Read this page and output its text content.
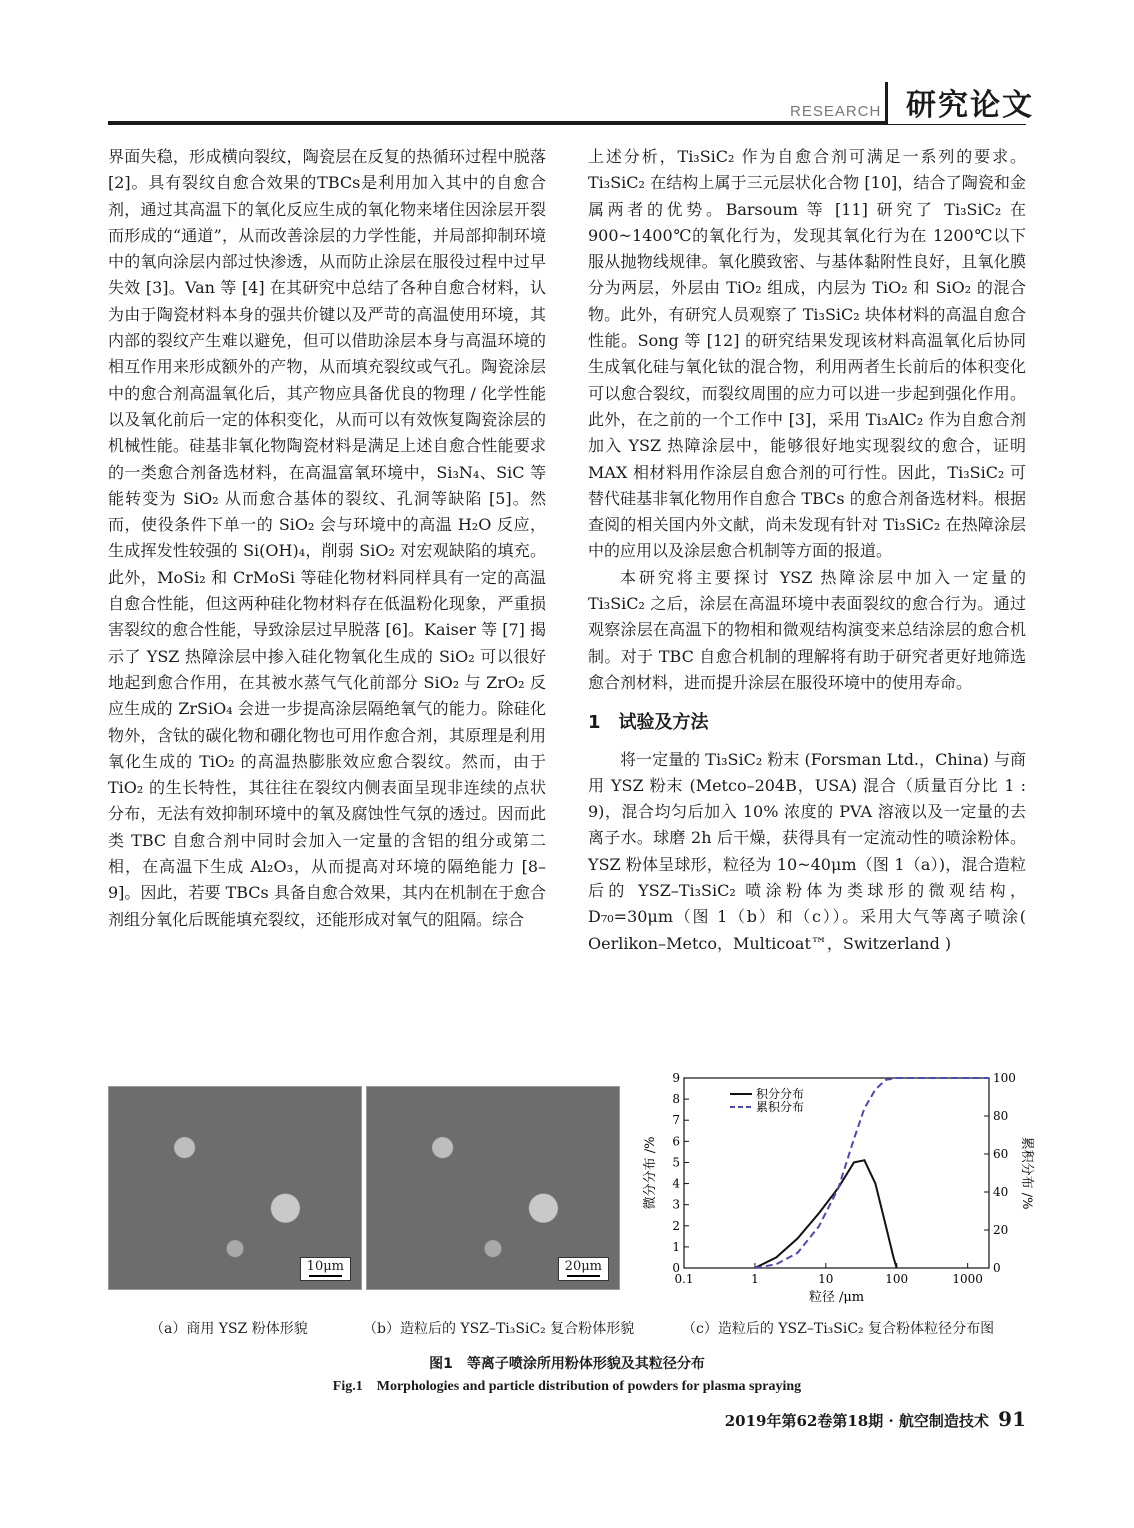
RESEARCH 研究论文

界面失稳，形成横向裂纹，陶瓷层在反复的热循环过程中脱落 [2]。具有裂纹自愈合效果的TBCs是利用加入其中的自愈合剂，通过其高温下的氧化反应生成的氧化物来堵住因涂层开裂而形成的“通道”，从而改善涂层的力学性能，并局部抑制环境中的氧向涂层内部过快渗透，从而防止涂层在服役过程中过早失效 [3]。Van 等 [4] 在其研究中总结了各种自愈合材料，认为由于陶瓷材料本身的强共价键以及严苛的高温使用环境，其内部的裂纹产生难以避免，但可以借助涂层本身与高温环境的相互作用来形成额外的产物，从而填充裂纹或气孔。陶瓷涂层中的愈合剂高温氧化后，其产物应具备优良的物理 / 化学性能以及氧化前后一定的体积变化，从而可以有效恢复陶瓷涂层的机械性能。硅基非氧化物陶瓷材料是满足上述自愈合性能要求的一类愈合剂备选材料，在高温富氧环境中，Si₃N₄、SiC 等能转变为 SiO₂ 从而愈合基体的裂纹、孔洞等缺陷 [5]。然而，使役条件下单一的 SiO₂ 会与环境中的高温 H₂O 反应，生成挥发性较强的 Si(OH)₄，削弱 SiO₂ 对宏观缺陷的填充。此外，MoSi₂ 和 CrMoSi 等硅化物材料同样具有一定的高温自愈合性能，但这两种硅化物材料存在低温粉化现象，严重损害裂纹的愈合性能，导致涂层过早脱落 [6]。Kaiser 等 [7] 揭示了 YSZ 热障涂层中掺入硅化物氧化生成的 SiO₂ 可以很好地起到愈合作用，在其被水蒸气气化前部分 SiO₂ 与 ZrO₂ 反应生成的 ZrSiO₄ 会进一步提高涂层隔绝氧气的能力。除硅化物外，含钛的碳化物和硼化物也可用作愈合剂，其原理是利用氧化生成的 TiO₂ 的高温热膨胀效应愈合裂纹。然而，由于 TiO₂ 的生长特性，其往往在裂纹内侧表面呈现非连续的点状分布，无法有效抑制环境中的氧及腐蚀性气氛的透过。因而此类 TBC 自愈合剂中同时会加入一定量的含铝的组分或第二相，在高温下生成 Al₂O₃，从而提高对环境的隔绝能力 [8–9]。因此，若要 TBCs 具备自愈合效果，其内在机制在于愈合剂组分氧化后既能填充裂纹，还能形成对氧气的阻隔。综合

上述分析，Ti₃SiC₂ 作为自愈合剂可满足一系列的要求。Ti₃SiC₂ 在结构上属于三元层状化合物 [10]，结合了陶瓷和金属两者的优势。Barsoum 等 [11] 研究了 Ti₃SiC₂ 在 900~1400℃的氧化行为，发现其氧化行为在 1200℃以下服从抛物线规律。氧化膜致密、与基体黏附性良好，且氧化膜分为两层，外层由 TiO₂ 组成，内层为 TiO₂ 和 SiO₂ 的混合物。此外，有研究人员观察了 Ti₃SiC₂ 块体材料的高温自愈合性能。Song 等 [12] 的研究结果发现该材料高温氧化后协同生成氧化硅与氧化钛的混合物，利用两者生长前后的体积变化可以愈合裂纹，而裂纹周围的应力可以进一步起到强化作用。此外，在之前的一个工作中 [3]，采用 Ti₃AlC₂ 作为自愈合剂加入 YSZ 热障涂层中，能够很好地实现裂纹的愈合，证明 MAX 相材料用作涂层自愈合剂的可行性。因此，Ti₃SiC₂ 可替代硅基非氧化物用作自愈合 TBCs 的愈合剂备选材料。根据查阅的相关国内外文献，尚未发现有针对 Ti₃SiC₂ 在热障涂层中的应用以及涂层愈合机制等方面的报道。

本研究将主要探讨 YSZ 热障涂层中加入一定量的 Ti₃SiC₂ 之后，涂层在高温环境中表面裂纹的愈合行为。通过观察涂层在高温下的物相和微观结构演变来总结涂层的愈合机制。对于 TBC 自愈合机制的理解将有助于研究者更好地筛选愈合剂材料，进而提升涂层在服役环境中的使用寿命。

1　试验及方法

将一定量的 Ti₃SiC₂ 粉末 (Forsman Ltd.，China) 与商用 YSZ 粉末 (Metco–204B，USA) 混合（质量百分比 1 : 9)，混合均匀后加入 10% 浓度的 PVA 溶液以及一定量的去离子水。球磨 2h 后干燥，获得具有一定流动性的喷涂粉体。YSZ 粉体呈球形，粒径为 10~40μm（图 1（a）)，混合造粒后的 YSZ–Ti₃SiC₂ 喷涂粉体为类球形的微观结构，D₇₀=30μm（图 1（b）和（c））。采用大气等离子喷涂( Oerlikon–Metco，Multicoat™，Switzerland )

10μm	20μm
0.1	1	10	100	1000
0
1
2
3
4
5
6
7
8
9
0
20
40
60
80
100
粒径 /μm
微分分布 /%	累积分布 /%
积分分布
累积分布
（a）商用 YSZ 粉体形貌	（b）造粒后的 YSZ–Ti₃SiC₂ 复合粉体形貌	（c）造粒后的 YSZ–Ti₃SiC₂ 复合粉体粒径分布图
图1　等离子喷涂所用粉体形貌及其粒径分布
Fig.1　Morphologies and particle distribution of powders for plasma spraying
2019年第62卷第18期 · 航空制造技术 91
